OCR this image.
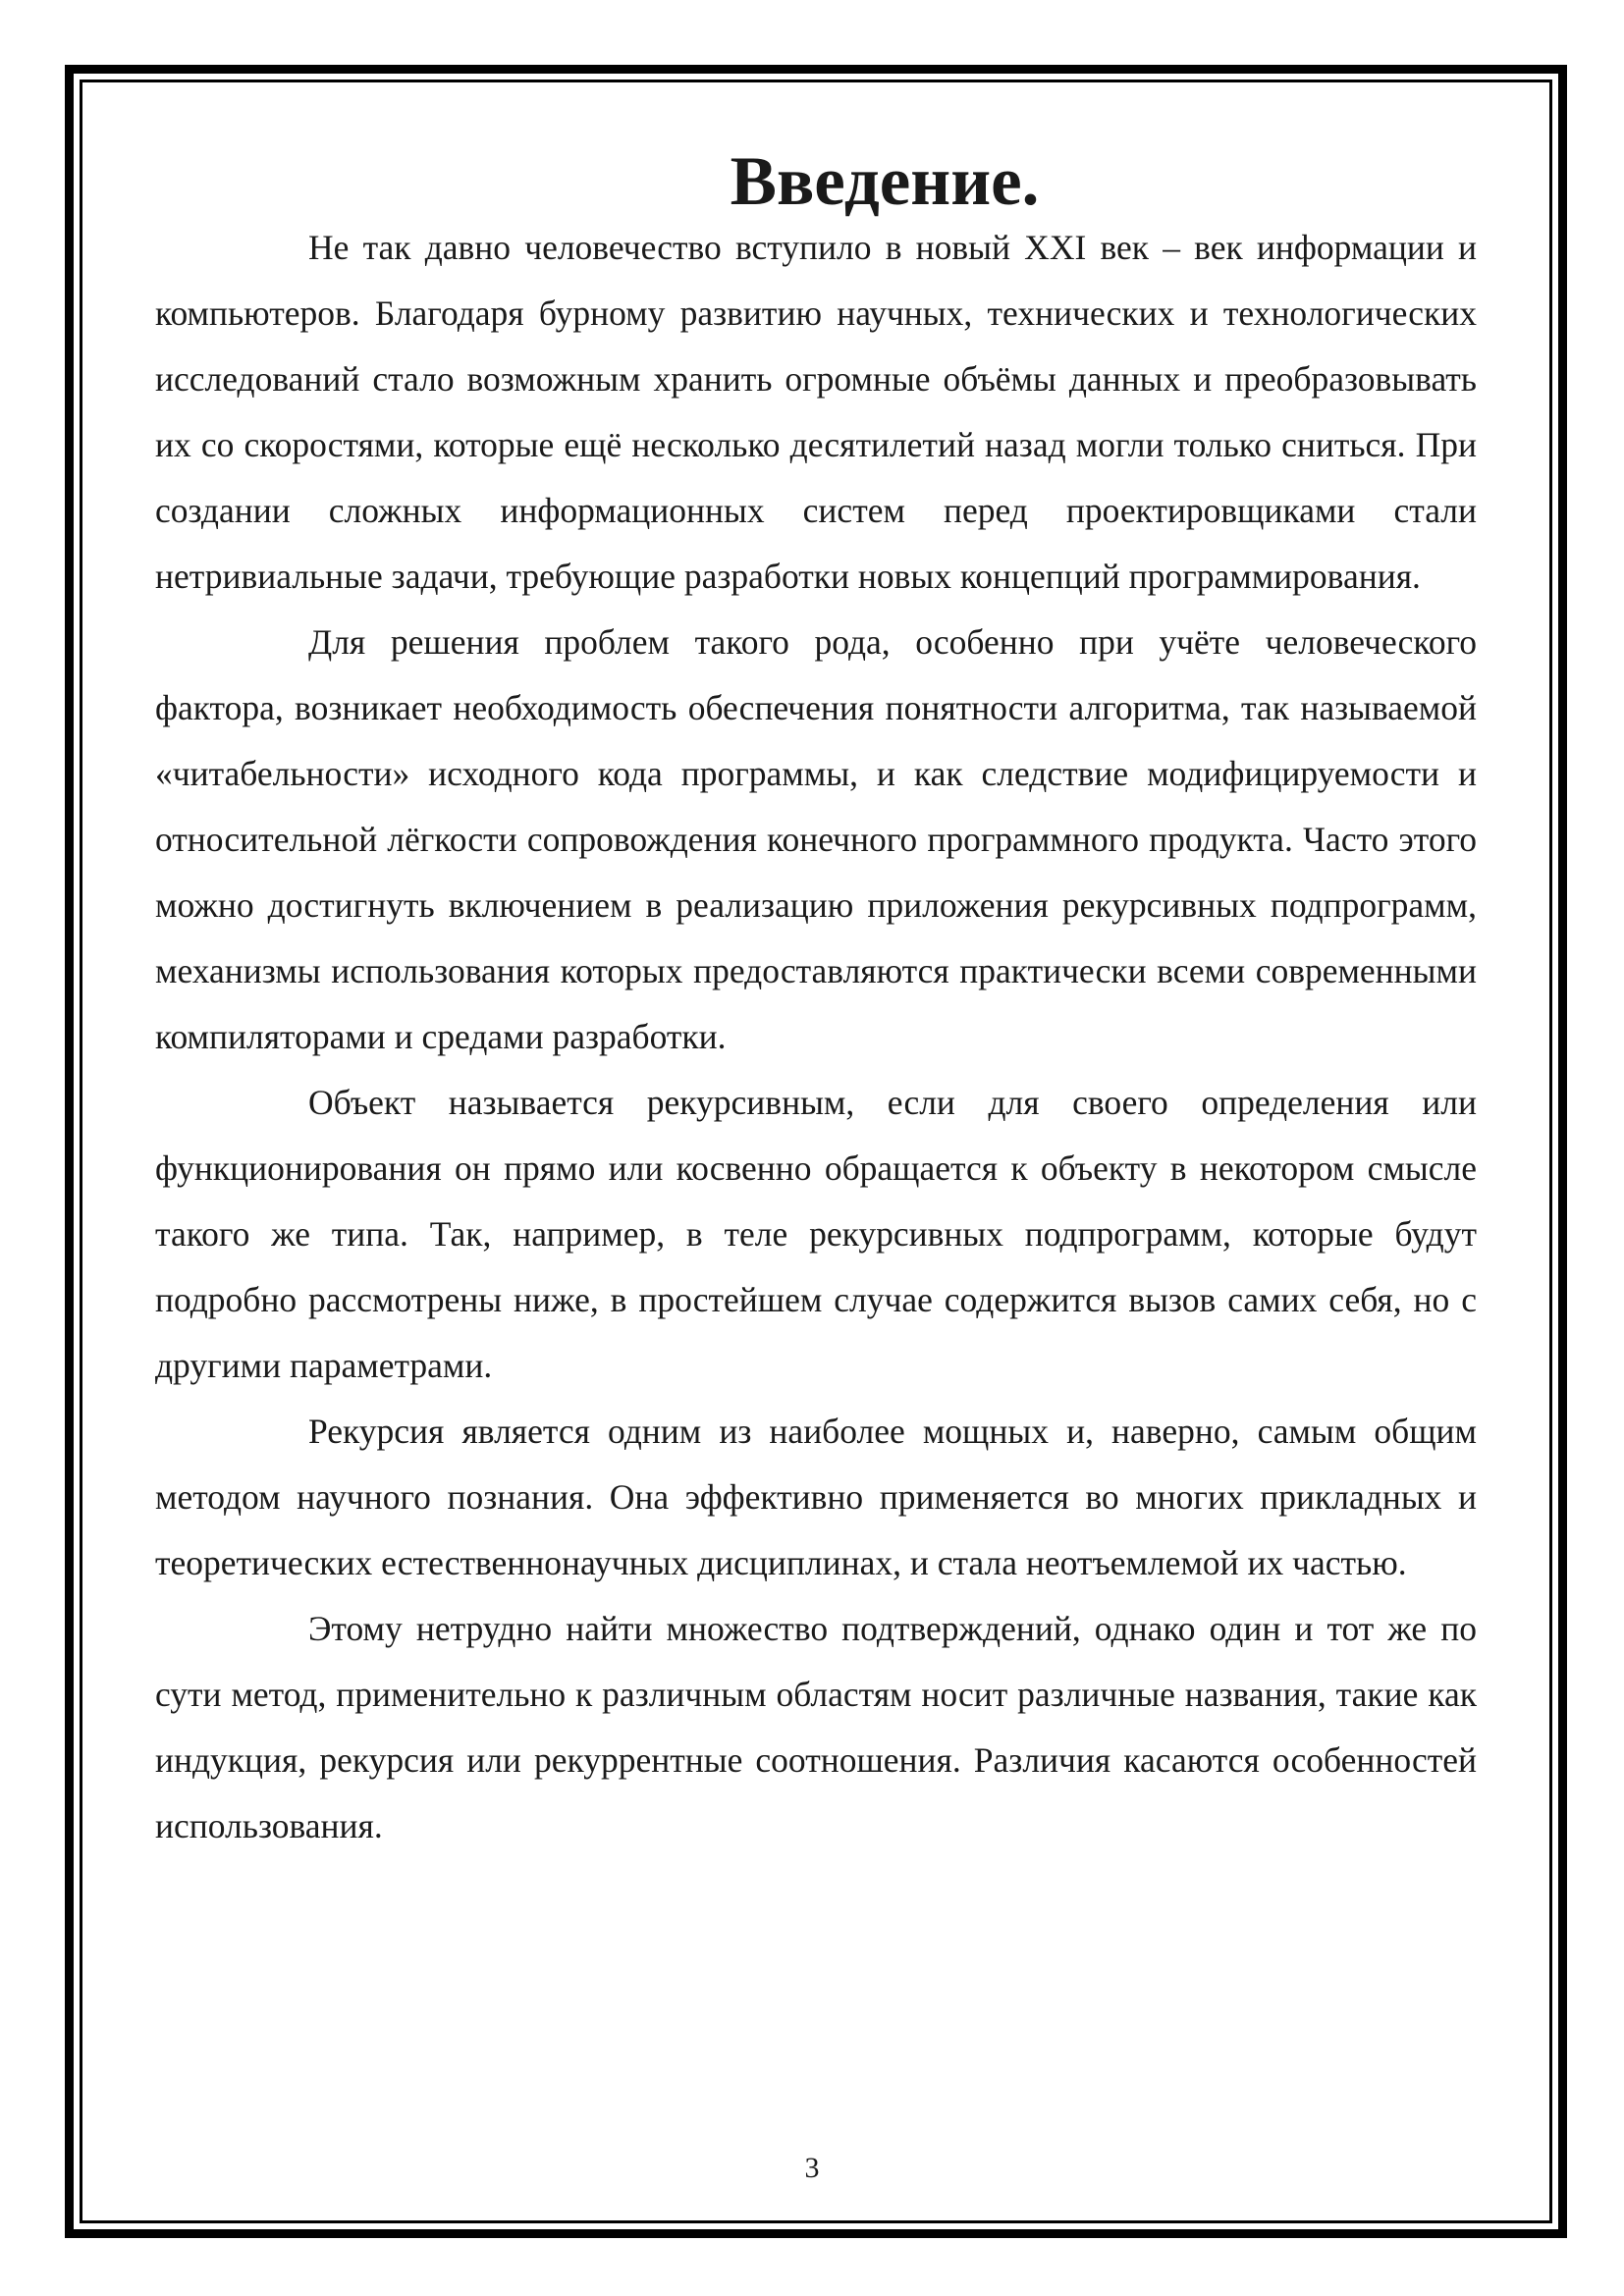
Введение.

Не так давно человечество вступило в новый XXI век – век информации и компьютеров. Благодаря бурному развитию научных, технических и технологических исследований стало возможным хранить огромные объёмы данных и преобразовывать их со скоростями, которые ещё несколько десятилетий назад могли только сниться. При создании сложных информационных систем перед проектировщиками стали нетривиальные задачи, требующие разработки новых концепций программирования.

Для решения проблем такого рода, особенно при учёте человеческого фактора, возникает необходимость обеспечения понятности алгоритма, так называемой «читабельности» исходного кода программы, и как следствие модифицируемости и относительной лёгкости сопровождения конечного программного продукта. Часто этого можно достигнуть включением в реализацию приложения рекурсивных подпрограмм, механизмы использования которых предоставляются практически всеми современными компиляторами и средами разработки.

Объект называется рекурсивным, если для своего определения или функционирования он прямо или косвенно обращается к объекту в некотором смысле такого же типа. Так, например, в теле рекурсивных подпрограмм, которые будут подробно рассмотрены ниже, в простейшем случае содержится вызов самих себя, но с другими параметрами.

Рекурсия является одним из наиболее мощных и, наверно, самым общим методом научного познания. Она эффективно применяется во многих прикладных и теоретических естественнонаучных дисциплинах, и стала неотъемлемой их частью.

Этому нетрудно найти множество подтверждений, однако один и тот же по сути метод, применительно к различным областям носит различные названия, такие как индукция, рекурсия или рекуррентные соотношения. Различия касаются особенностей использования.

3
